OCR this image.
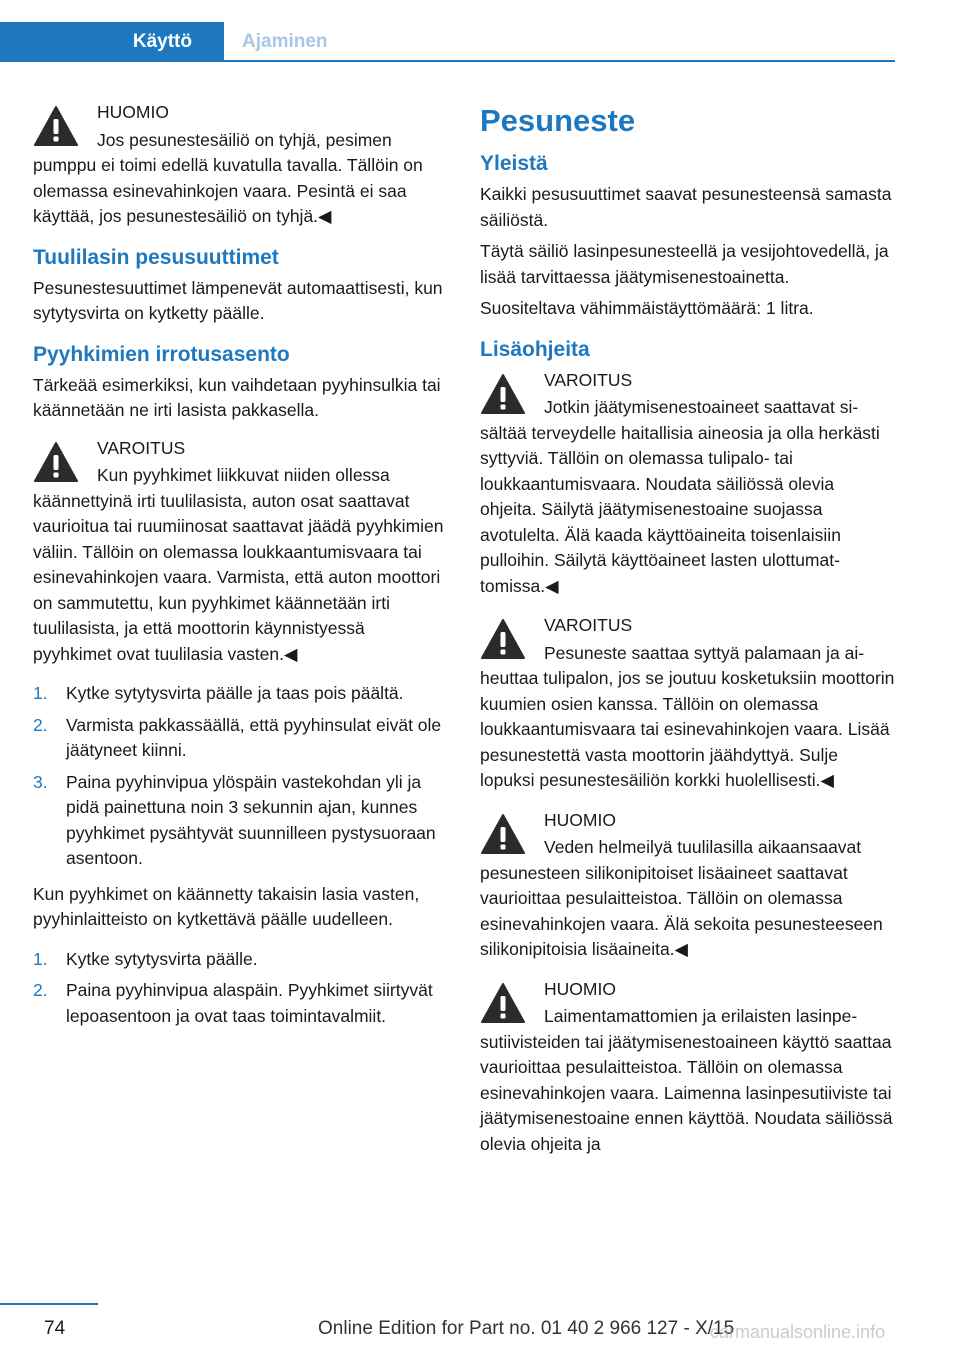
Käyttö	Ajaminen
HUOMIO
Jos pesunestesäiliö on tyhjä, pesimen pumppu ei toimi edellä kuvatulla tavalla. Tällöin on olemassa esinevahinkojen vaara. Pesintä ei saa käyttää, jos pesunestesäiliö on tyhjä.◀
Tuulilasin pesusuuttimet

Pesunestesuuttimet lämpenevät automaattisesti, kun sytytysvirta on kytketty päälle.

Pyyhkimien irrotusasento

Tärkeää esimerkiksi, kun vaihdetaan pyyhinsulkia tai käännetään ne irti lasista pakkasella.

VAROITUS
Kun pyyhkimet liikkuvat niiden ollessa käännettyinä irti tuulilasista, auton osat saattavat vaurioitua tai ruumiinosat saattavat jäädä pyyhkimien väliin. Tällöin on olemassa loukkaantumisvaara tai esinevahinkojen vaara. Varmista, että auton moottori on sammutettu, kun pyyhkimet käännetään irti tuulilasista, ja että moottorin käynnistyessä pyyhkimet ovat tuulilasia vasten.◀
1. Kytke sytytysvirta päälle ja taas pois päältä.
2. Varmista pakkassäällä, että pyyhinsulat eivät ole jäätyneet kiinni.
3. Paina pyyhinvipua ylöspäin vastekohdan yli ja pidä painettuna noin 3 sekunnin ajan, kunnes pyyhkimet pysähtyvät suunnilleen pystysuoraan asentoon.

Kun pyyhkimet on käännetty takaisin lasia vasten, pyyhinlaitteisto on kytkettävä päälle uudelleen.

1. Kytke sytytysvirta päälle.
2. Paina pyyhinvipua alaspäin. Pyyhkimet siirtyvät lepoasentoon ja ovat taas toimintavalmiit.
Pesuneste
Yleistä

Kaikki pesusuuttimet saavat pesunesteensä samasta säiliöstä.

Täytä säiliö lasinpesunesteellä ja vesijohtovedellä, ja lisää tarvittaessa jäätymisenestoainetta.

Suositeltava vähimmäistäyttömäärä: 1 litra.

Lisäohjeita
VAROITUS
Jotkin jäätymisenestoaineet saattavat sisältää terveydelle haitallisia aineosia ja olla herkästi syttyviä. Tällöin on olemassa tulipalo- tai loukkaantumisvaara. Noudata säiliössä olevia ohjeita. Säilytä jäätymisenestoaine suojassa avotulelta. Älä kaada käyttöaineita toisenlaisiin pulloihin. Säilytä käyttöaineet lasten ulottumattomissa.◀
VAROITUS
Pesuneste saattaa syttyä palamaan ja aiheuttaa tulipalon, jos se joutuu kosketuksiin moottorin kuumien osien kanssa. Tällöin on olemassa loukkaantumisvaara tai esinevahinkojen vaara. Lisää pesunestettä vasta moottorin jäähdyttyä. Sulje lopuksi pesunestesäiliön korkki huolellisesti.◀
HUOMIO
Veden helmeilyä tuulilasilla aikaansaavat pesunesteen silikonipitoiset lisäaineet saattavat vaurioittaa pesulaitteistoa. Tällöin on olemassa esinevahinkojen vaara. Älä sekoita pesunesteeseen silikonipitoisia lisäaineita.◀
HUOMIO
Laimentamattomien ja erilaisten lasinpesutiivisteiden tai jäätymisenestoaineen käyttö saattaa vaurioittaa pesulaitteistoa. Tällöin on olemassa esinevahinkojen vaara. Laimenna lasinpesutiiviste tai jäätymisenestoaine ennen käyttöä. Noudata säiliössä olevia ohjeita ja
74	Online Edition for Part no. 01 40 2 966 127 - X/15
carmanualsonline.info
